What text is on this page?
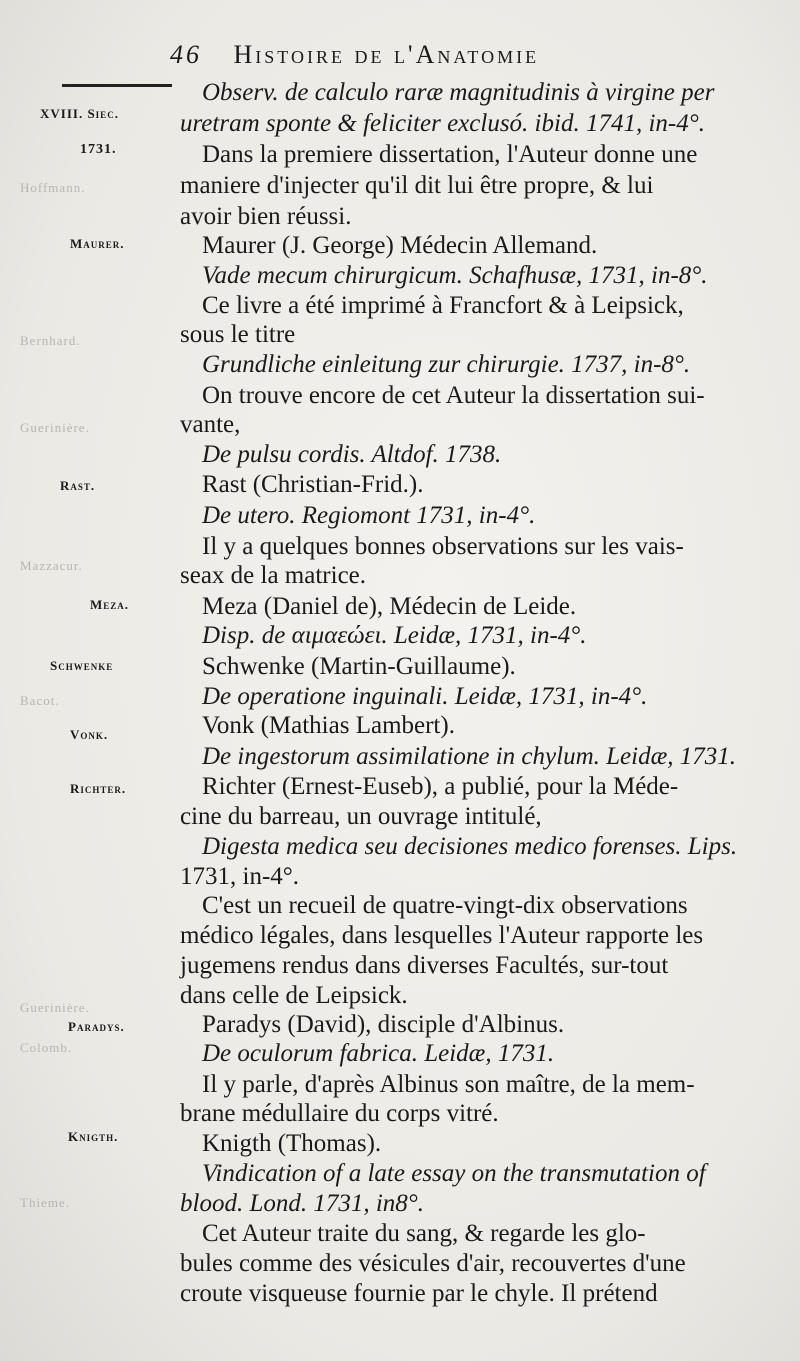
46 Histoire de l'Anatomie
Hoffmann.
Bernhard.
Guerinière.
Mazzacur.
Bacot.
Guerinière.
Colomb.
Thieme.
XVIII. Siec.
1731.
Maurer.
Rast.
Meza.
Schwenke
Vonk.
Richter.
Paradys.
Knigth.
Observ. de calculo raræ magnitudinis à virgine per
uretram sponte & feliciter exclusó. ibid. 1741, in-4°.
Dans la premiere dissertation, l'Auteur donne une
maniere d'injecter qu'il dit lui être propre, & lui
avoir bien réussi.
Maurer (J. George) Médecin Allemand.
Vade mecum chirurgicum. Schafhusæ, 1731, in-8°.
Ce livre a été imprimé à Francfort & à Leipsick,
sous le titre
Grundliche einleitung zur chirurgie. 1737, in-8°.
On trouve encore de cet Auteur la dissertation sui-
vante,
De pulsu cordis. Altdof. 1738.
Rast (Christian-Frid.).
De utero. Regiomont 1731, in-4°.
Il y a quelques bonnes observations sur les vais-
seax de la matrice.
Meza (Daniel de), Médecin de Leide.
Disp. de αιμαεώει. Leidæ, 1731, in-4°.
Schwenke (Martin-Guillaume).
De operatione inguinali. Leidæ, 1731, in-4°.
Vonk (Mathias Lambert).
De ingestorum assimilatione in chylum. Leidæ, 1731.
Richter (Ernest-Euseb), a publié, pour la Méde-
cine du barreau, un ouvrage intitulé,
Digesta medica seu decisiones medico forenses. Lips.
1731, in-4°.
C'est un recueil de quatre-vingt-dix observations
médico légales, dans lesquelles l'Auteur rapporte les
jugemens rendus dans diverses Facultés, sur-tout
dans celle de Leipsick.
Paradys (David), disciple d'Albinus.
De oculorum fabrica. Leidæ, 1731.
Il y parle, d'après Albinus son maître, de la mem-
brane médullaire du corps vitré.
Knigth (Thomas).
Vindication of a late essay on the transmutation of
blood. Lond. 1731, in8°.
Cet Auteur traite du sang, & regarde les glo-
bules comme des vésicules d'air, recouvertes d'une
croute visqueuse fournie par le chyle. Il prétend
